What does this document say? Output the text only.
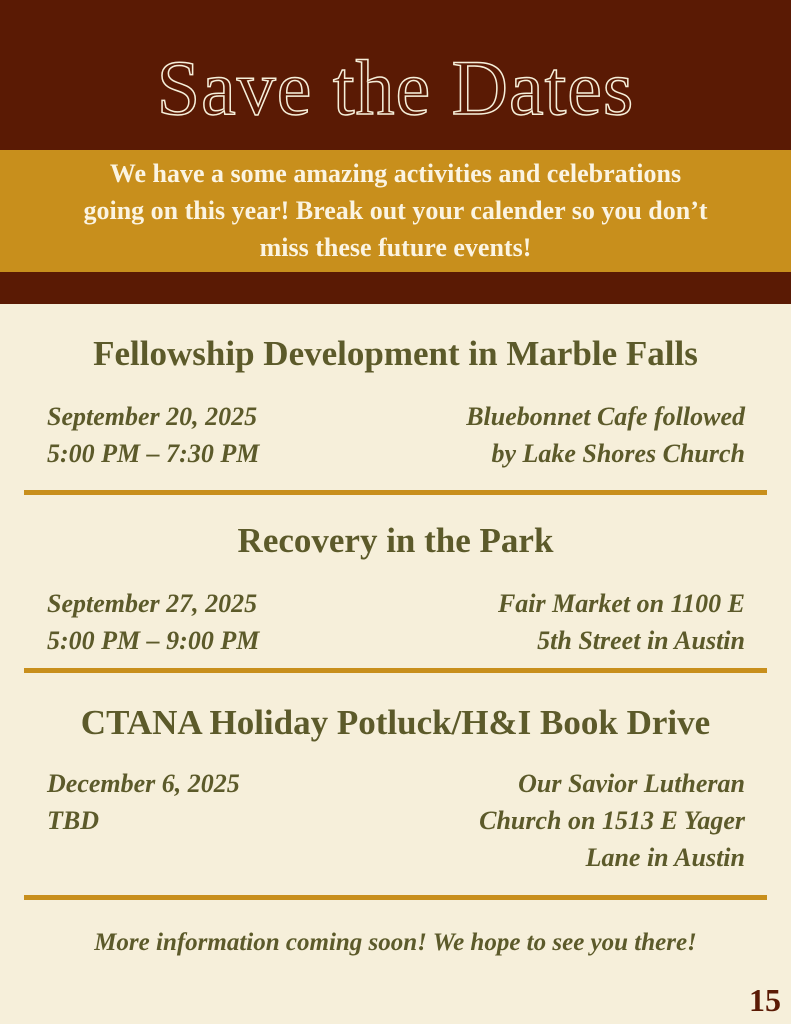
Save the Dates
We have a some amazing activities and celebrations
going on this year! Break out your calender so you don’t
miss these future events!
Fellowship Development in Marble Falls
September 20, 2025
5:00 PM – 7:30 PM
Bluebonnet Cafe followed
by Lake Shores Church
Recovery in the Park
September 27, 2025
5:00 PM – 9:00 PM
Fair Market on 1100 E
5th Street in Austin
CTANA Holiday Potluck/H&I Book Drive
December 6, 2025
TBD
Our Savior Lutheran
Church on 1513 E Yager
Lane in Austin
More information coming soon! We hope to see you there!
15
